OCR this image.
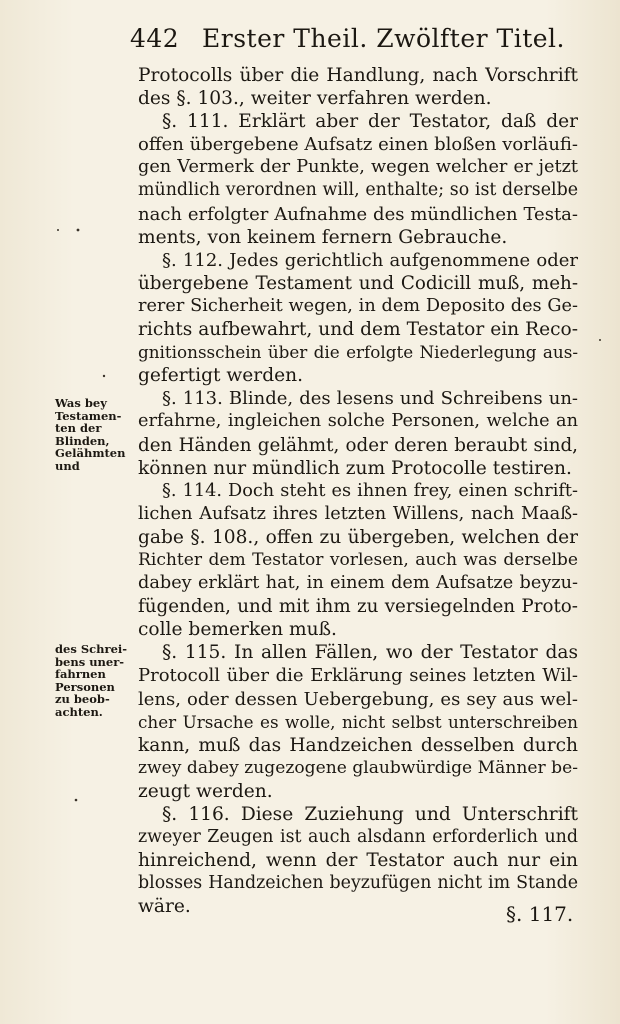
442 Erster Theil. Zwölfter Titel.
Was bey
Testamen-
ten der
Blinden,
Gelähmten
und
des Schrei-
bens uner-
fahrnen
Personen
zu beob-
achten.
Protocolls über die Handlung, nach Vorschrift
des §. 103., weiter verfahren werden.
§. 111. Erklärt aber der Testator, daß der
offen übergebene Aufsatz einen bloßen vorläufi-
gen Vermerk der Punkte, wegen welcher er jetzt
mündlich verordnen will, enthalte; so ist derselbe
nach erfolgter Aufnahme des mündlichen Testa-
ments, von keinem fernern Gebrauche.
§. 112. Jedes gerichtlich aufgenommene oder
übergebene Testament und Codicill muß, meh-
rerer Sicherheit wegen, in dem Deposito des Ge-
richts aufbewahrt, und dem Testator ein Reco-
gnitionsschein über die erfolgte Niederlegung aus-
gefertigt werden.
§. 113. Blinde, des lesens und Schreibens un-
erfahrne, ingleichen solche Personen, welche an
den Händen gelähmt, oder deren beraubt sind,
können nur mündlich zum Protocolle testiren.
§. 114. Doch steht es ihnen frey, einen schrift-
lichen Aufsatz ihres letzten Willens, nach Maaß-
gabe §. 108., offen zu übergeben, welchen der
Richter dem Testator vorlesen, auch was derselbe
dabey erklärt hat, in einem dem Aufsatze beyzu-
fügenden, und mit ihm zu versiegelnden Proto-
colle bemerken muß.
§. 115. In allen Fällen, wo der Testator das
Protocoll über die Erklärung seines letzten Wil-
lens, oder dessen Uebergebung, es sey aus wel-
cher Ursache es wolle, nicht selbst unterschreiben
kann, muß das Handzeichen desselben durch
zwey dabey zugezogene glaubwürdige Männer be-
zeugt werden.
§. 116. Diese Zuziehung und Unterschrift
zweyer Zeugen ist auch alsdann erforderlich und
hinreichend, wenn der Testator auch nur ein
blosses Handzeichen beyzufügen nicht im Stande
wäre.	§. 117.
